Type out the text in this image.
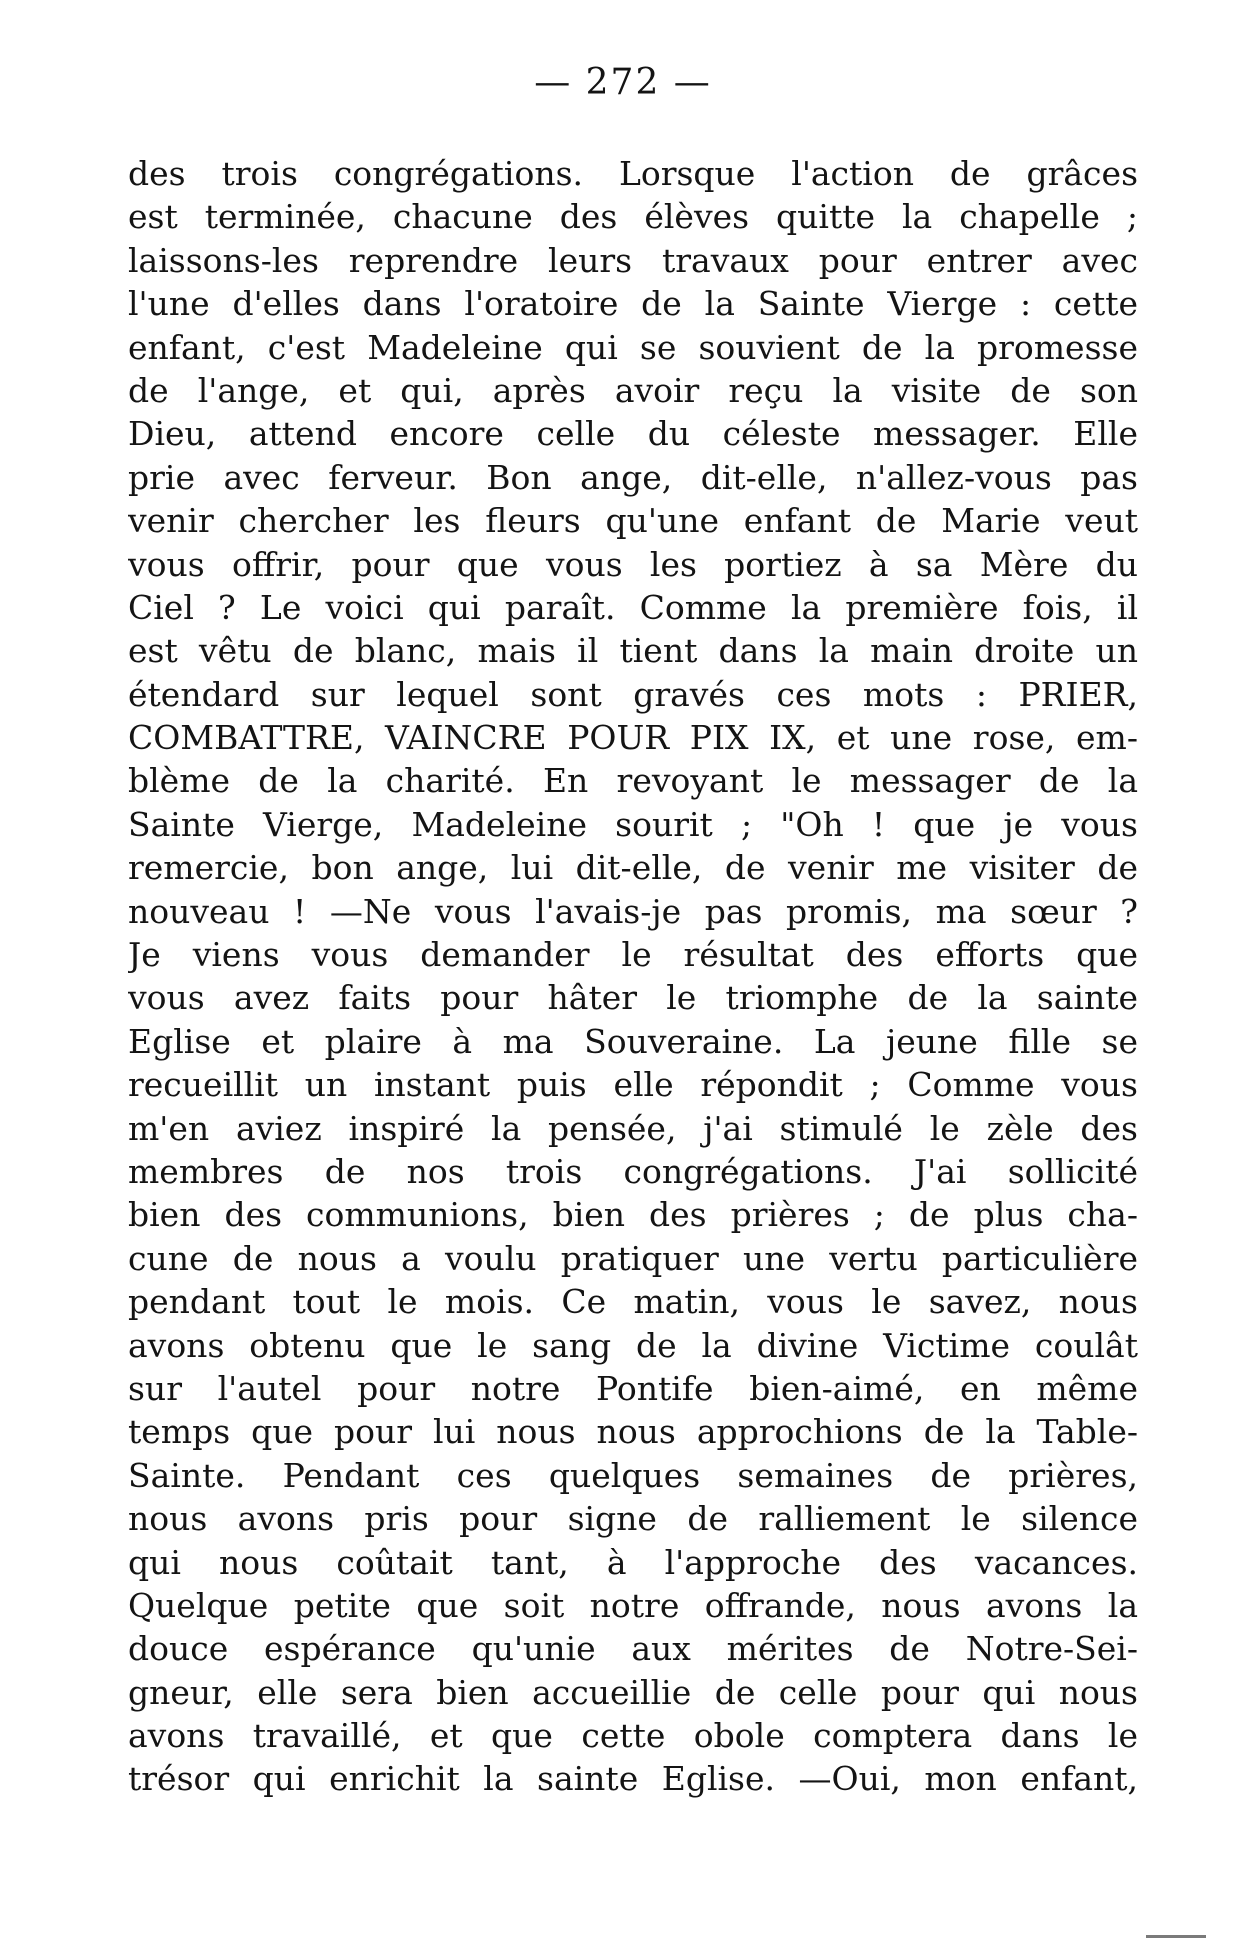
— 272 —
des trois congrégations. Lorsque l'action de grâces
est terminée, chacune des élèves quitte la chapelle ;
laissons-les reprendre leurs travaux pour entrer avec
l'une d'elles dans l'oratoire de la Sainte Vierge : cette
enfant, c'est Madeleine qui se souvient de la promesse
de l'ange, et qui, après avoir reçu la visite de son
Dieu, attend encore celle du céleste messager. Elle
prie avec ferveur. Bon ange, dit-elle, n'allez-vous pas
venir chercher les fleurs qu'une enfant de Marie veut
vous offrir, pour que vous les portiez à sa Mère du
Ciel ? Le voici qui paraît. Comme la première fois, il
est vêtu de blanc, mais il tient dans la main droite un
étendard sur lequel sont gravés ces mots : PRIER,
COMBATTRE, VAINCRE POUR PIX IX, et une rose, em-
blème de la charité. En revoyant le messager de la
Sainte Vierge, Madeleine sourit ; "Oh ! que je vous
remercie, bon ange, lui dit-elle, de venir me visiter de
nouveau ! —Ne vous l'avais-je pas promis, ma sœur ?
Je viens vous demander le résultat des efforts que
vous avez faits pour hâter le triomphe de la sainte
Eglise et plaire à ma Souveraine. La jeune fille se
recueillit un instant puis elle répondit ; Comme vous
m'en aviez inspiré la pensée, j'ai stimulé le zèle des
membres de nos trois congrégations. J'ai sollicité
bien des communions, bien des prières ; de plus cha-
cune de nous a voulu pratiquer une vertu particulière
pendant tout le mois. Ce matin, vous le savez, nous
avons obtenu que le sang de la divine Victime coulât
sur l'autel pour notre Pontife bien-aimé, en même
temps que pour lui nous nous approchions de la Table-
Sainte. Pendant ces quelques semaines de prières,
nous avons pris pour signe de ralliement le silence
qui nous coûtait tant, à l'approche des vacances.
Quelque petite que soit notre offrande, nous avons la
douce espérance qu'unie aux mérites de Notre-Sei-
gneur, elle sera bien accueillie de celle pour qui nous
avons travaillé, et que cette obole comptera dans le
trésor qui enrichit la sainte Eglise. —Oui, mon enfant,
